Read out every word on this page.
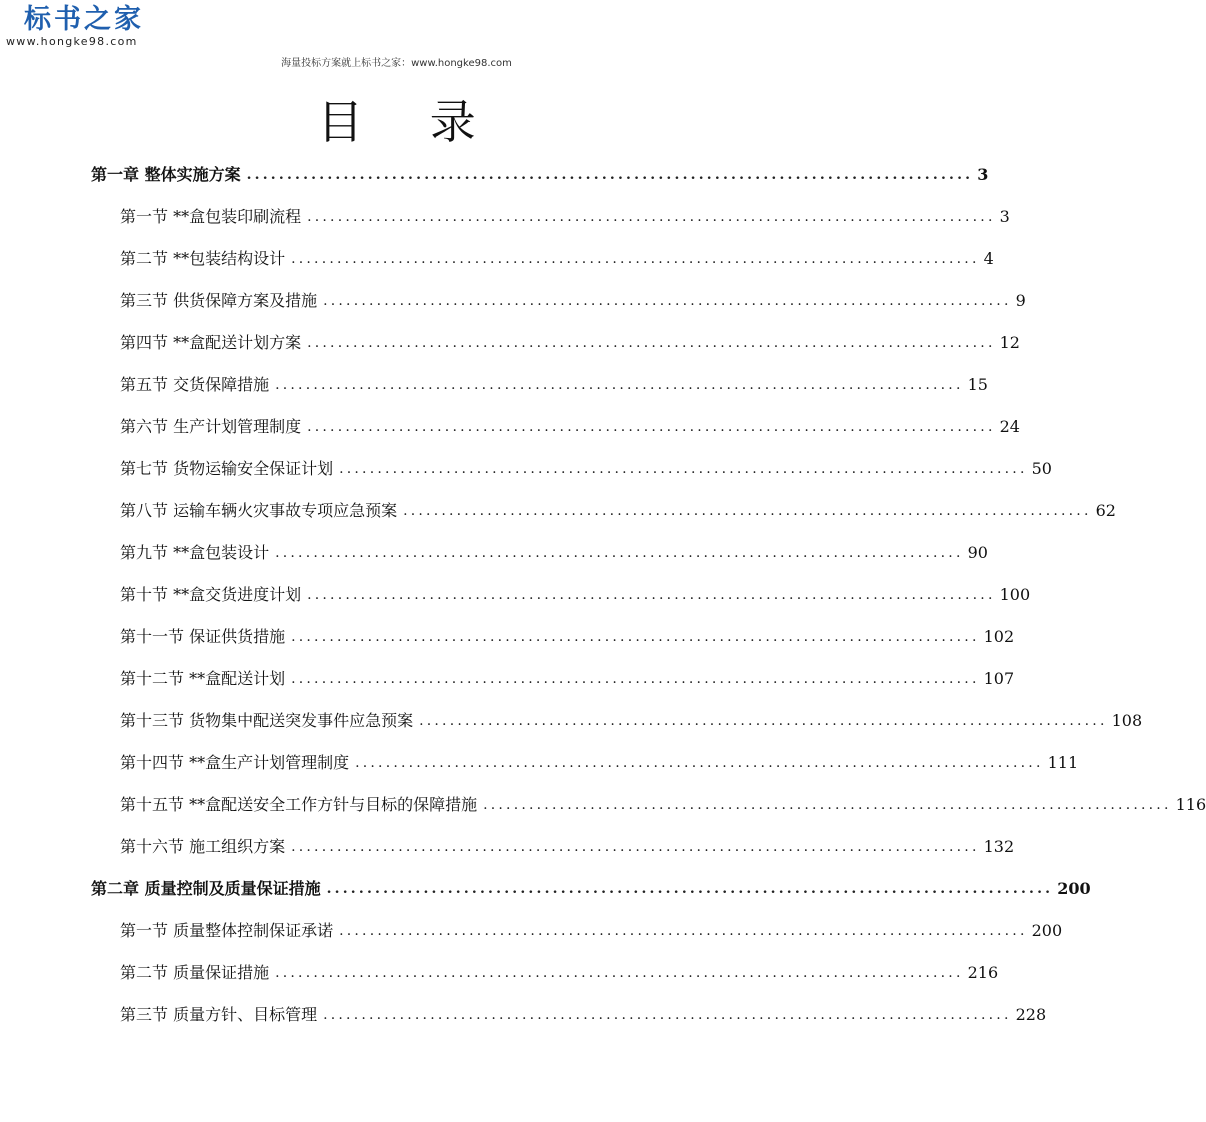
标书之家
www.hongke98.com
海量投标方案就上标书之家：www.hongke98.com
目 录
第一章 整体实施方案 .......................................................................................... 3
第一节 **盒包装印刷流程 .......................................................................................... 3
第二节 **包装结构设计 .......................................................................................... 4
第三节 供货保障方案及措施 .......................................................................................... 9
第四节 **盒配送计划方案 .......................................................................................... 12
第五节 交货保障措施 .......................................................................................... 15
第六节 生产计划管理制度 .......................................................................................... 24
第七节 货物运输安全保证计划 .......................................................................................... 50
第八节 运输车辆火灾事故专项应急预案 .......................................................................................... 62
第九节 **盒包装设计 .......................................................................................... 90
第十节 **盒交货进度计划 .......................................................................................... 100
第十一节 保证供货措施 .......................................................................................... 102
第十二节 **盒配送计划 .......................................................................................... 107
第十三节 货物集中配送突发事件应急预案 .......................................................................................... 108
第十四节 **盒生产计划管理制度 .......................................................................................... 111
第十五节 **盒配送安全工作方针与目标的保障措施 .......................................................................................... 116
第十六节 施工组织方案 .......................................................................................... 132
第二章 质量控制及质量保证措施 .......................................................................................... 200
第一节 质量整体控制保证承诺 .......................................................................................... 200
第二节 质量保证措施 .......................................................................................... 216
第三节 质量方针、目标管理 .......................................................................................... 228
